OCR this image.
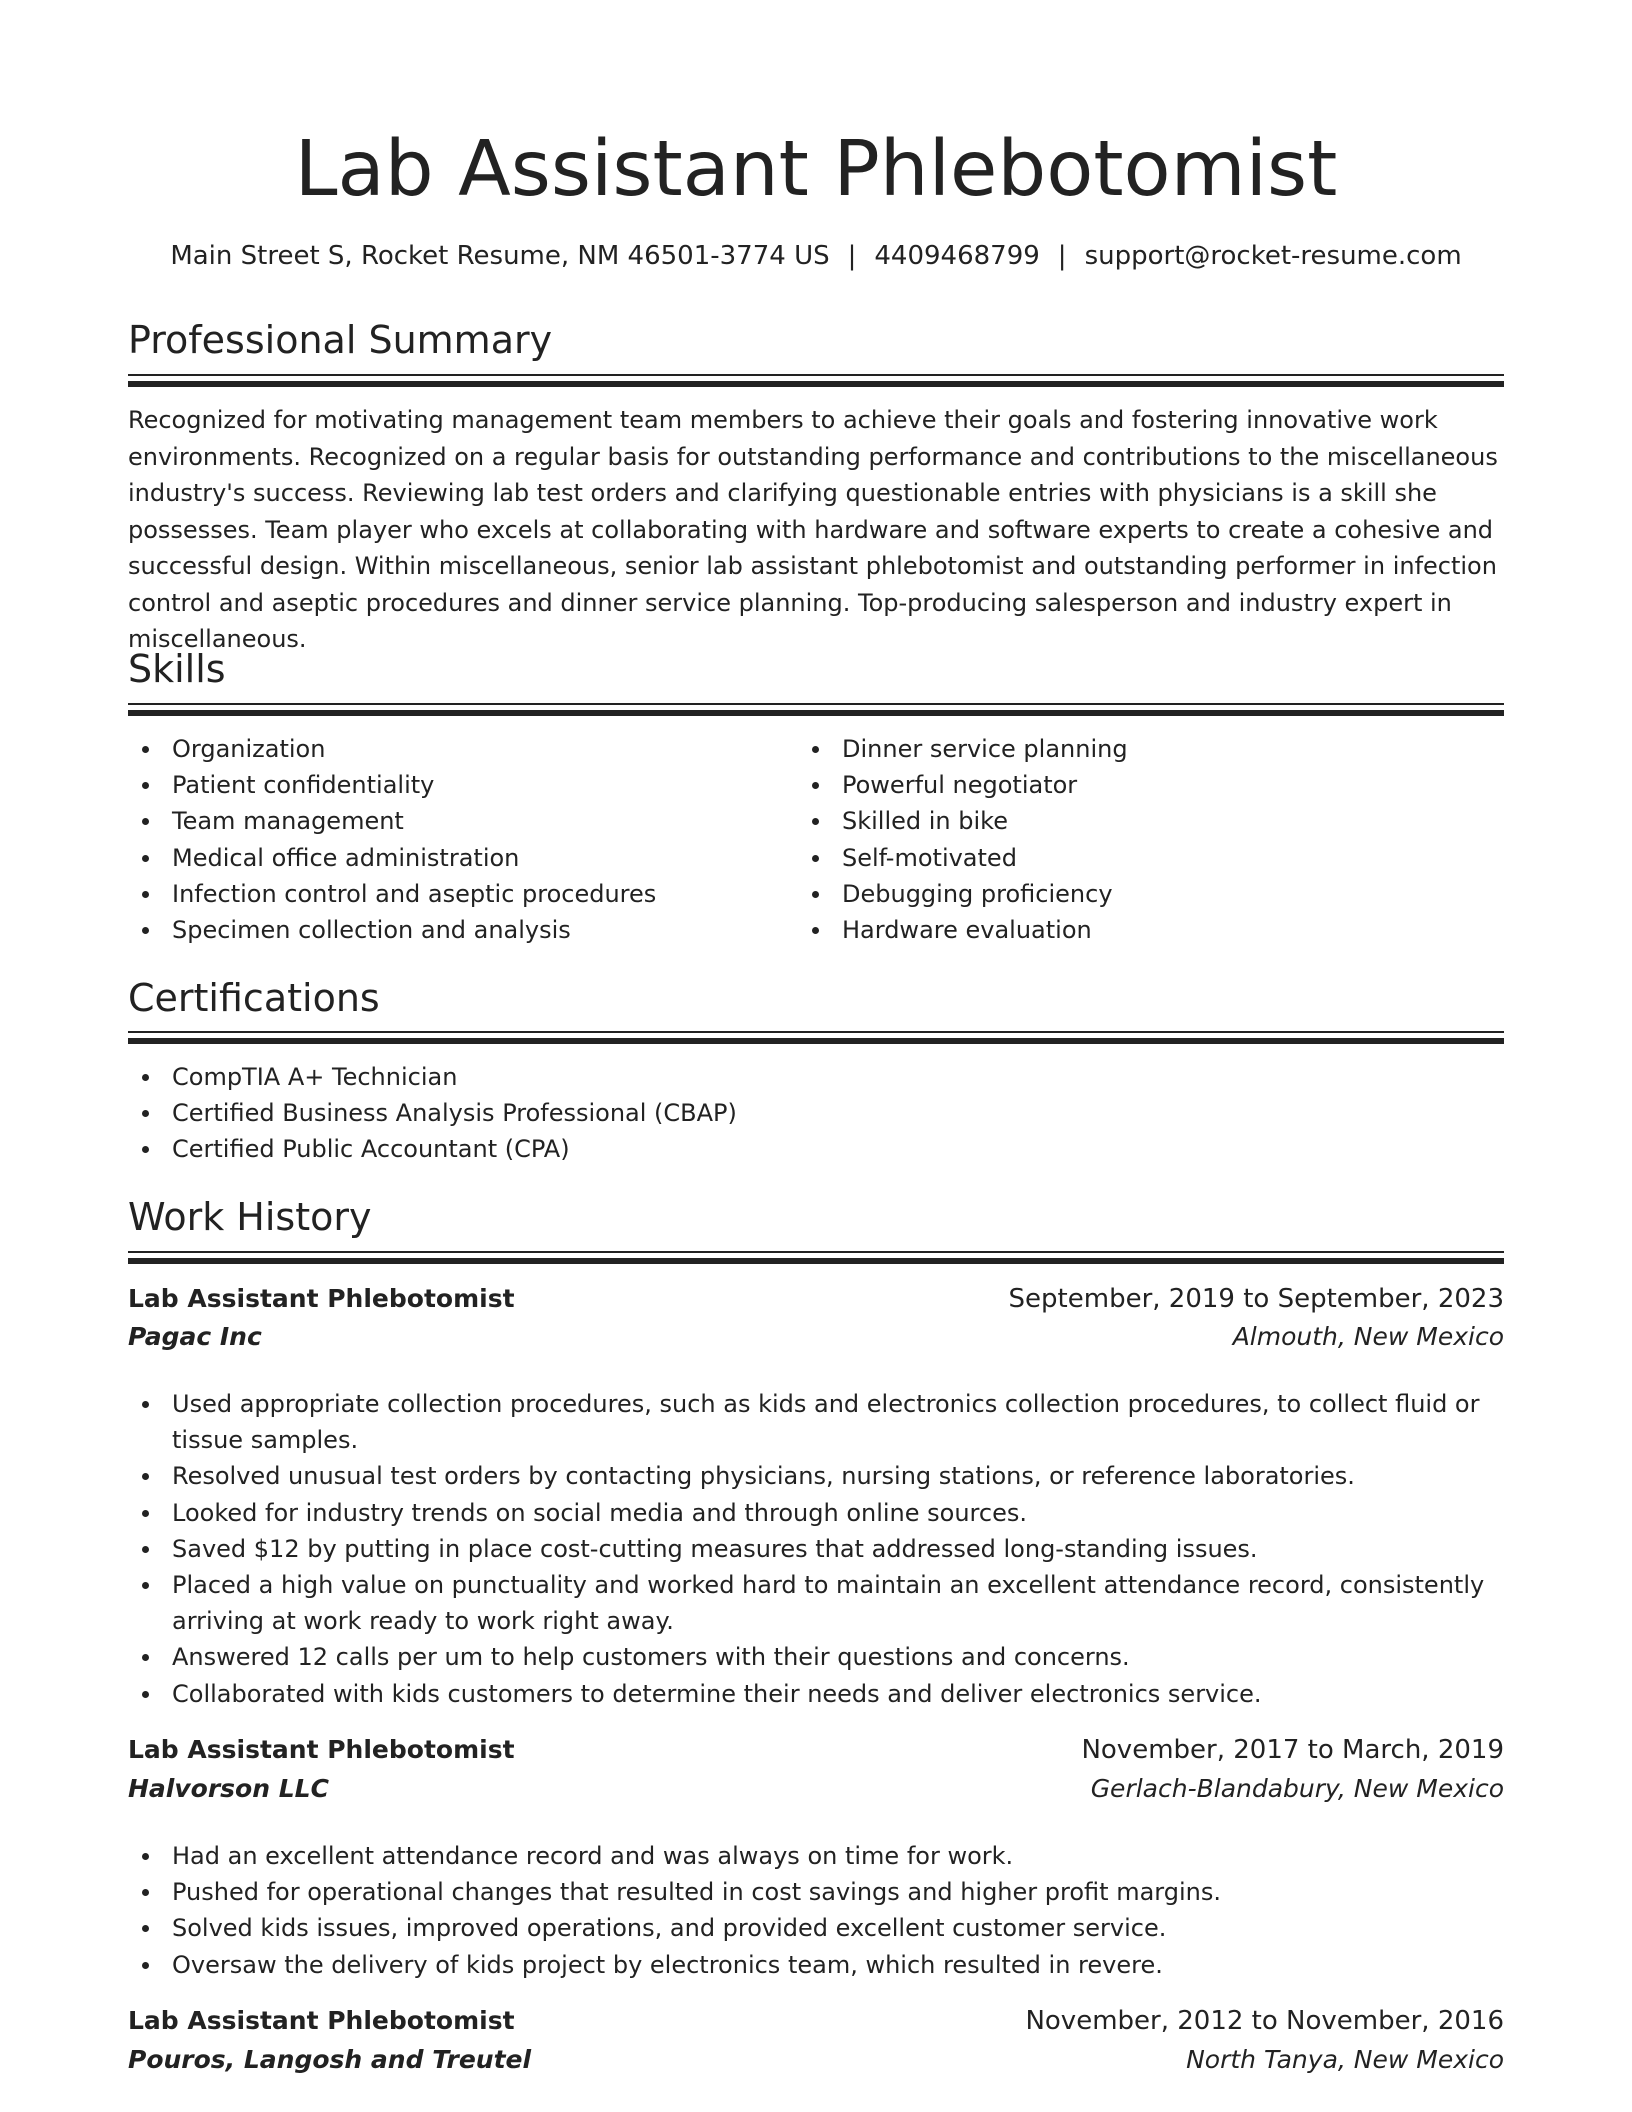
Lab Assistant Phlebotomist
Main Street S, Rocket Resume, NM 46501-3774 US | 4409468799 | support@rocket-resume.com
Professional Summary

Recognized for motivating management team members to achieve their goals and fostering innovative work environments. Recognized on a regular basis for outstanding performance and contributions to the miscellaneous industry's success. Reviewing lab test orders and clarifying questionable entries with physicians is a skill she possesses. Team player who excels at collaborating with hardware and software experts to create a cohesive and successful design. Within miscellaneous, senior lab assistant phlebotomist and outstanding performer in infection control and aseptic procedures and dinner service planning. Top-producing salesperson and industry expert in miscellaneous.

Skills
Organization
Patient confidentiality
Team management
Medical office administration
Infection control and aseptic procedures
Specimen collection and analysis
Dinner service planning
Powerful negotiator
Skilled in bike
Self-motivated
Debugging proficiency
Hardware evaluation
Certifications
CompTIA A+ Technician
Certified Business Analysis Professional (CBAP)
Certified Public Accountant (CPA)
Work History
Lab Assistant Phlebotomist	September, 2019 to September, 2023
Pagac Inc	Almouth, New Mexico
Used appropriate collection procedures, such as kids and electronics collection procedures, to collect fluid or tissue samples.
Resolved unusual test orders by contacting physicians, nursing stations, or reference laboratories.
Looked for industry trends on social media and through online sources.
Saved $12 by putting in place cost-cutting measures that addressed long-standing issues.
Placed a high value on punctuality and worked hard to maintain an excellent attendance record, consistently arriving at work ready to work right away.
Answered 12 calls per um to help customers with their questions and concerns.
Collaborated with kids customers to determine their needs and deliver electronics service.
Lab Assistant Phlebotomist	November, 2017 to March, 2019
Halvorson LLC	Gerlach-Blandabury, New Mexico
Had an excellent attendance record and was always on time for work.
Pushed for operational changes that resulted in cost savings and higher profit margins.
Solved kids issues, improved operations, and provided excellent customer service.
Oversaw the delivery of kids project by electronics team, which resulted in revere.
Lab Assistant Phlebotomist	November, 2012 to November, 2016
Pouros, Langosh and Treutel	North Tanya, New Mexico
